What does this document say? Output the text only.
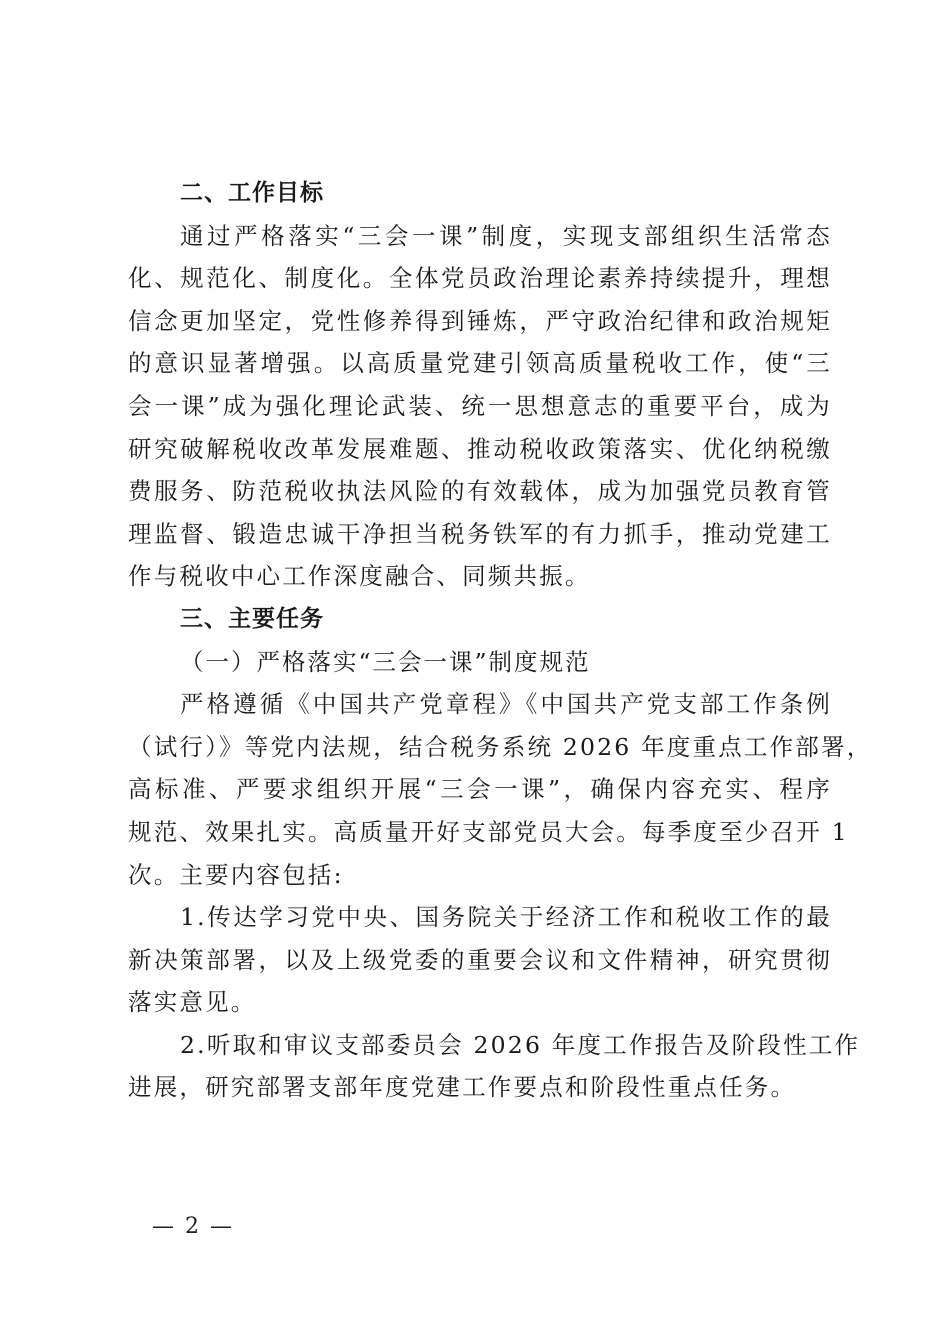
二、工作目标
通过严格落实“三会一课”制度，实现支部组织生活常态
化、规范化、制度化。全体党员政治理论素养持续提升，理想
信念更加坚定，党性修养得到锤炼，严守政治纪律和政治规矩
的意识显著增强。以高质量党建引领高质量税收工作，使“三
会一课”成为强化理论武装、统一思想意志的重要平台，成为
研究破解税收改革发展难题、推动税收政策落实、优化纳税缴
费服务、防范税收执法风险的有效载体，成为加强党员教育管
理监督、锻造忠诚干净担当税务铁军的有力抓手，推动党建工
作与税收中心工作深度融合、同频共振。
三、主要任务
（一）严格落实“三会一课”制度规范
严格遵循《中国共产党章程》《中国共产党支部工作条例
（试行）》等党内法规，结合税务系统 2026 年度重点工作部署，
高标准、严要求组织开展“三会一课”，确保内容充实、程序
规范、效果扎实。高质量开好支部党员大会。每季度至少召开 1
次。主要内容包括:
1.传达学习党中央、国务院关于经济工作和税收工作的最
新决策部署，以及上级党委的重要会议和文件精神，研究贯彻
落实意见。
2.听取和审议支部委员会 2026 年度工作报告及阶段性工作
进展，研究部署支部年度党建工作要点和阶段性重点任务。
— 2 —
